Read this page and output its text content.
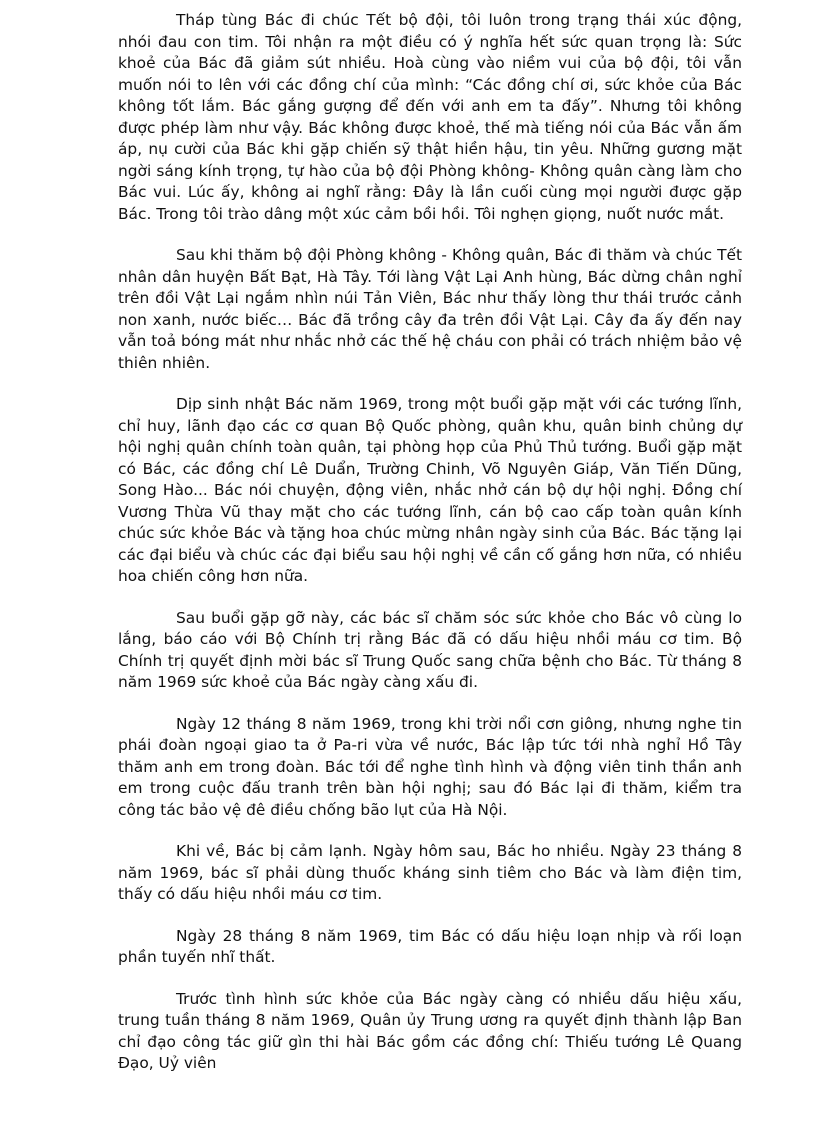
Tháp tùng Bác đi chúc Tết bộ đội, tôi luôn trong trạng thái xúc động, nhói đau con tim. Tôi nhận ra một điều có ý nghĩa hết sức quan trọng là: Sức khoẻ của Bác đã giảm sút nhiều. Hoà cùng vào niềm vui của bộ đội, tôi vẫn muốn nói to lên với các đồng chí của mình: “Các đồng chí ơi, sức khỏe của Bác không tốt lắm. Bác gắng gượng để đến với anh em ta đấy”. Nhưng tôi không được phép làm như vậy. Bác không được khoẻ, thế mà tiếng nói của Bác vẫn ấm áp, nụ cười của Bác khi gặp chiến sỹ thật hiền hậu, tin yêu. Những gương mặt ngời sáng kính trọng, tự hào của bộ đội Phòng không- Không quân càng làm cho Bác vui. Lúc ấy, không ai nghĩ rằng: Đây là lần cuối cùng mọi người được gặp Bác. Trong tôi trào dâng một xúc cảm bồi hồi. Tôi nghẹn giọng, nuốt nước mắt.

Sau khi thăm bộ đội Phòng không - Không quân, Bác đi thăm và chúc Tết nhân dân huyện Bất Bạt, Hà Tây. Tới làng Vật Lại Anh hùng, Bác dừng chân nghỉ trên đồi Vật Lại ngắm nhìn núi Tản Viên, Bác như thấy lòng thư thái trước cảnh non xanh, nước biếc… Bác đã trồng cây đa trên đồi Vật Lại. Cây đa ấy đến nay vẫn toả bóng mát như nhắc nhở các thế hệ cháu con phải có trách nhiệm bảo vệ thiên nhiên.

Dịp sinh nhật Bác năm 1969, trong một buổi gặp mặt với các tướng lĩnh, chỉ huy, lãnh đạo các cơ quan Bộ Quốc phòng, quân khu, quân binh chủng dự hội nghị quân chính toàn quân, tại phòng họp của Phủ Thủ tướng. Buổi gặp mặt có Bác, các đồng chí Lê Duẩn, Trường Chinh, Võ Nguyên Giáp, Văn Tiến Dũng, Song Hào... Bác nói chuyện, động viên, nhắc nhở cán bộ dự hội nghị. Đồng chí Vương Thừa Vũ thay mặt cho các tướng lĩnh, cán bộ cao cấp toàn quân kính chúc sức khỏe Bác và tặng hoa chúc mừng nhân ngày sinh của Bác. Bác tặng lại các đại biểu và chúc các đại biểu sau hội nghị về cần cố gắng hơn nữa, có nhiều hoa chiến công hơn nữa.

Sau buổi gặp gỡ này, các bác sĩ chăm sóc sức khỏe cho Bác vô cùng lo lắng, báo cáo với Bộ Chính trị rằng Bác đã có dấu hiệu nhồi máu cơ tim. Bộ Chính trị quyết định mời bác sĩ Trung Quốc sang chữa bệnh cho Bác. Từ tháng 8 năm 1969 sức khoẻ của Bác ngày càng xấu đi.

Ngày 12 tháng 8 năm 1969, trong khi trời nổi cơn giông, nhưng nghe tin phái đoàn ngoại giao ta ở Pa-ri vừa về nước, Bác lập tức tới nhà nghỉ Hồ Tây thăm anh em trong đoàn. Bác tới để nghe tình hình và động viên tinh thần anh em trong cuộc đấu tranh trên bàn hội nghị; sau đó Bác lại đi thăm, kiểm tra công tác bảo vệ đê điều chống bão lụt của Hà Nội.

Khi về, Bác bị cảm lạnh. Ngày hôm sau, Bác ho nhiều. Ngày 23 tháng 8 năm 1969, bác sĩ phải dùng thuốc kháng sinh tiêm cho Bác và làm điện tim, thấy có dấu hiệu nhồi máu cơ tim.

Ngày 28 tháng 8 năm 1969, tim Bác có dấu hiệu loạn nhịp và rối loạn phần tuyến nhĩ thất.

Trước tình hình sức khỏe của Bác ngày càng có nhiều dấu hiệu xấu, trung tuần tháng 8 năm 1969, Quân ủy Trung ương ra quyết định thành lập Ban chỉ đạo công tác giữ gìn thi hài Bác gồm các đồng chí: Thiếu tướng Lê Quang Đạo, Uỷ viên
